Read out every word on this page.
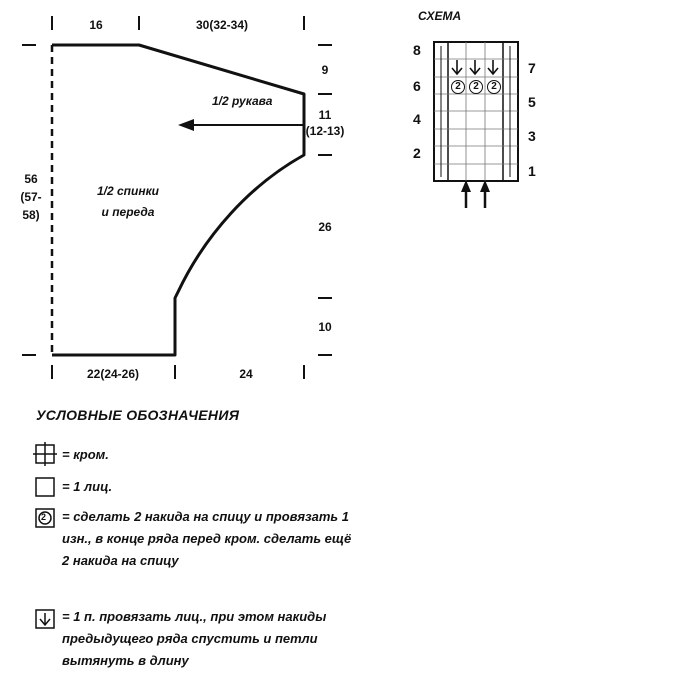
16	30(32-34)
22(24-26)	24
9
11
(12-13)
26
10
56
(57-
58)
1/2 рукава
1/2 спинки
и переда
СХЕМА
2	2	2
8
6
4
2
7
5
3
1
УСЛОВНЫЕ ОБОЗНАЧЕНИЯ
2
= кром.
= 1 лиц.
= сделать 2 накида на спицу и провязать 1 изн., в конце ряда перед кром. сделать ещё 2 накида на спицу
= 1 п. провязать лиц., при этом накиды предыдущего ряда спустить и петли вытянуть в длину
